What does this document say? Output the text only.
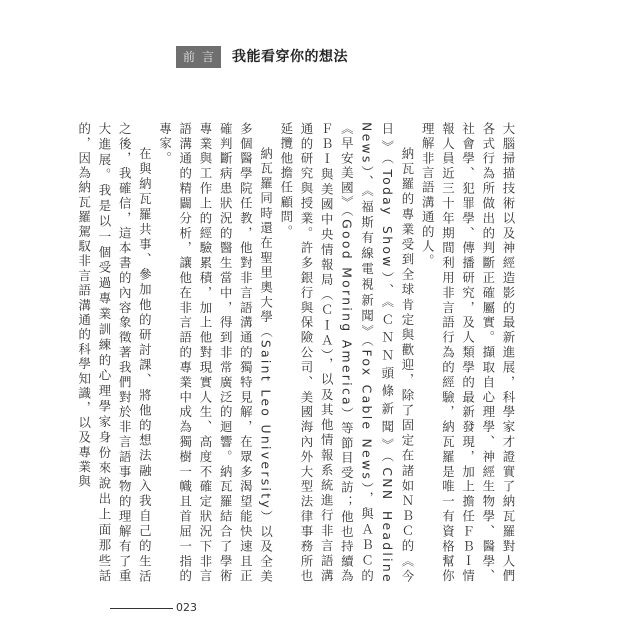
前 言 我能看穿你的想法

大腦掃描技術以及神經造影的最新進展，科學家才證實了納瓦羅對人們各式行為所做出的判斷正確屬實。擷取自心理學、神經生物學、醫學、社會學、犯罪學、傳播研究，及人類學的最新發現，加上擔任ＦＢＩ情報人員近三十年期間利用非言語行為的經驗，納瓦羅是唯一有資格幫你理解非言語溝通的人。

納瓦羅的專業受到全球肯定與歡迎，除了固定在諸如ＮＢＣ的《今日》（Today Show）、《ＣＮＮ頭條新聞》（CNN Headline News）、《福斯有線電視新聞》（Fox Cable News），與ＡＢＣ的《早安美國》（Good Morning America）等節目受訪；他也持續為ＦＢＩ與美國中央情報局（ＣＩＡ），以及其他情報系統進行非言語溝通的研究與授業。許多銀行與保險公司、美國海內外大型法律事務所也延攬他擔任顧問。

納瓦羅同時還在聖里奧大學（Saint Leo University）以及全美多個醫學院任教，他對非言語溝通的獨特見解，在眾多渴望能快速且正確判斷病患狀況的醫生當中，得到非常廣泛的迴響。納瓦羅結合了學術專業與工作上的經驗累積，加上他對現實人生、高度不確定狀況下非言語溝通的精闢分析，讓他在非言語的專業中成為獨樹一幟且首屈一指的專家。

在與納瓦羅共事、參加他的研討課、將他的想法融入我自己的生活之後，我確信，這本書的內容象徵著我們對於非言語事物的理解有了重大進展。我是以一個受過專業訓練的心理學家身份來說出上面那些話的，因為納瓦羅駕馭非言語溝通的科學知識，以及專業與

023
